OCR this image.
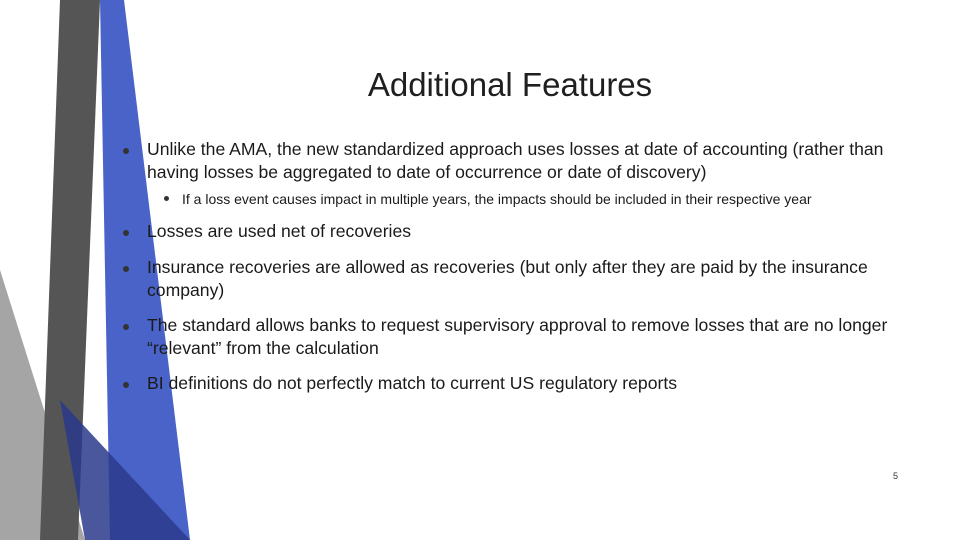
Additional Features
Unlike the AMA, the new standardized approach uses losses at date of accounting (rather than having losses be aggregated to date of occurrence or date of discovery)
If a loss event causes impact in multiple years, the impacts should be included in their respective year
Losses are used net of recoveries
Insurance recoveries are allowed as recoveries (but only after they are paid by the insurance company)
The standard allows banks to request supervisory approval to remove losses that are no longer “relevant” from the calculation
BI definitions do not perfectly match to current US regulatory reports
5
